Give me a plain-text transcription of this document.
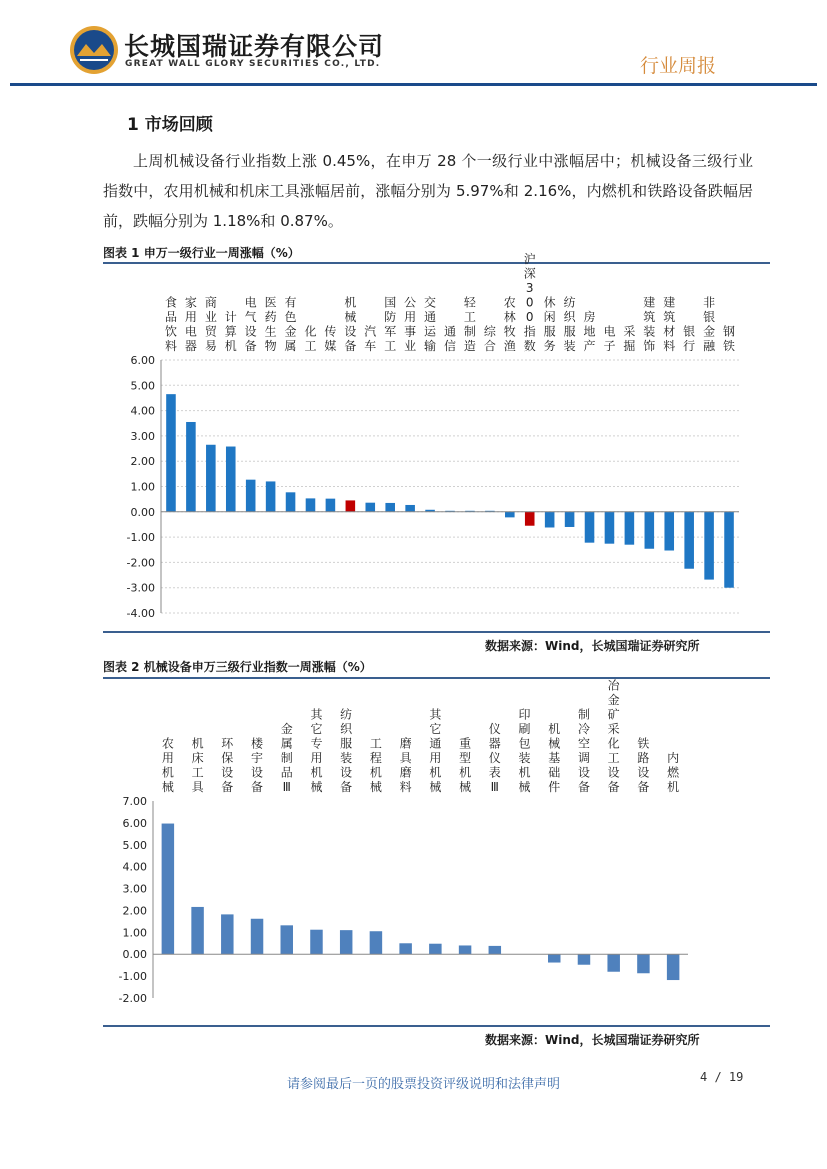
长城国瑞证券有限公司
GREAT WALL GLORY SECURITIES CO., LTD.	行业周报
1 市场回顾

上周机械设备行业指数上涨 0.45%，在申万 28 个一级行业中涨幅居中；机械设备三级行业指数中，农用机械和机床工具涨幅居前，涨幅分别为 5.97%和 2.16%，内燃机和铁路设备跌幅居前，跌幅分别为 1.18%和 0.87%。

图表 1 申万一级行业一周涨幅（%）
6.00
5.00
4.00
3.00
2.00
1.00
0.00
-1.00
-2.00
-3.00
-4.00
食品饮料
家用电器
商业贸易
计算机
电气设备
医药生物
有色金属
化工
传媒
机械设备
汽车
国防军工
公用事业
交通运输
通信
轻工制造
综合
农林牧渔
沪深 3 0 0 指数
休闲服务
纺织服装
房地产
电子
采掘
建筑装饰
建筑材料
银行
非银金融
钢铁
数据来源：Wind，长城国瑞证券研究所
图表 2 机械设备申万三级行业指数一周涨幅（%）
7.00
6.00
5.00
4.00
3.00
2.00
1.00
0.00
-1.00
-2.00
农用机械
机床工具
环保设备
楼宇设备
金属制品 Ⅲ
其它专用机械
纺织服装设备
工程机械
磨具磨料
其它通用机械
重型机械
仪器仪表 Ⅲ
印刷包装机械
机械基础件
制冷空调设备
冶金矿采化工设备
铁路设备
内燃机
数据来源：Wind，长城国瑞证券研究所
请参阅最后一页的股票投资评级说明和法律声明	4 / 19
